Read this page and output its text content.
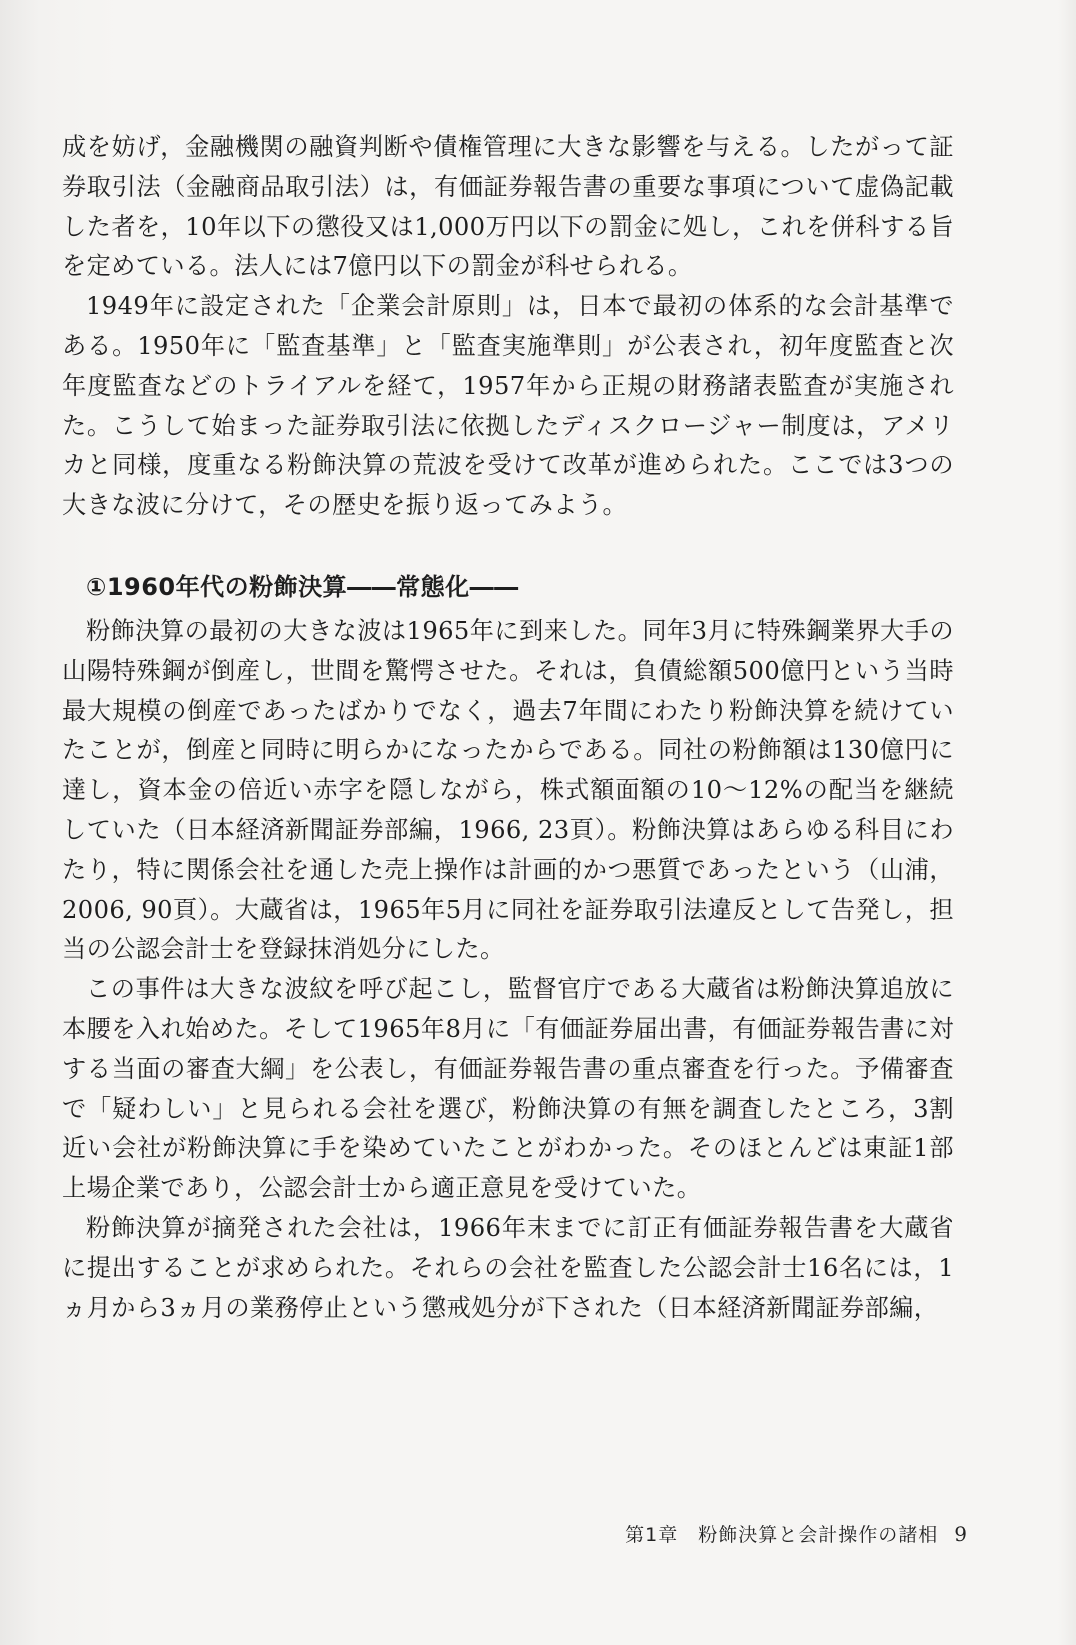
成を妨げ，金融機関の融資判断や債権管理に大きな影響を与える。したがって証券取引法（金融商品取引法）は，有価証券報告書の重要な事項について虚偽記載した者を，10年以下の懲役又は1,000万円以下の罰金に処し，これを併科する旨を定めている。法人には7億円以下の罰金が科せられる。

1949年に設定された「企業会計原則」は，日本で最初の体系的な会計基準である。1950年に「監査基準」と「監査実施準則」が公表され，初年度監査と次年度監査などのトライアルを経て，1957年から正規の財務諸表監査が実施された。こうして始まった証券取引法に依拠したディスクロージャー制度は，アメリカと同様，度重なる粉飾決算の荒波を受けて改革が進められた。ここでは3つの大きな波に分けて，その歴史を振り返ってみよう。

①1960年代の粉飾決算――常態化――

粉飾決算の最初の大きな波は1965年に到来した。同年3月に特殊鋼業界大手の山陽特殊鋼が倒産し，世間を驚愕させた。それは，負債総額500億円という当時最大規模の倒産であったばかりでなく，過去7年間にわたり粉飾決算を続けていたことが，倒産と同時に明らかになったからである。同社の粉飾額は130億円に達し，資本金の倍近い赤字を隠しながら，株式額面額の10～12%の配当を継続していた（日本経済新聞証券部編，1966, 23頁）。粉飾決算はあらゆる科目にわたり，特に関係会社を通した売上操作は計画的かつ悪質であったという（山浦，2006, 90頁）。大蔵省は，1965年5月に同社を証券取引法違反として告発し，担当の公認会計士を登録抹消処分にした。

この事件は大きな波紋を呼び起こし，監督官庁である大蔵省は粉飾決算追放に本腰を入れ始めた。そして1965年8月に「有価証券届出書，有価証券報告書に対する当面の審査大綱」を公表し，有価証券報告書の重点審査を行った。予備審査で「疑わしい」と見られる会社を選び，粉飾決算の有無を調査したところ，3割近い会社が粉飾決算に手を染めていたことがわかった。そのほとんどは東証1部上場企業であり，公認会計士から適正意見を受けていた。

粉飾決算が摘発された会社は，1966年末までに訂正有価証券報告書を大蔵省に提出することが求められた。それらの会社を監査した公認会計士16名には，1ヵ月から3ヵ月の業務停止という懲戒処分が下された（日本経済新聞証券部編，

第1章　粉飾決算と会計操作の諸相 9
